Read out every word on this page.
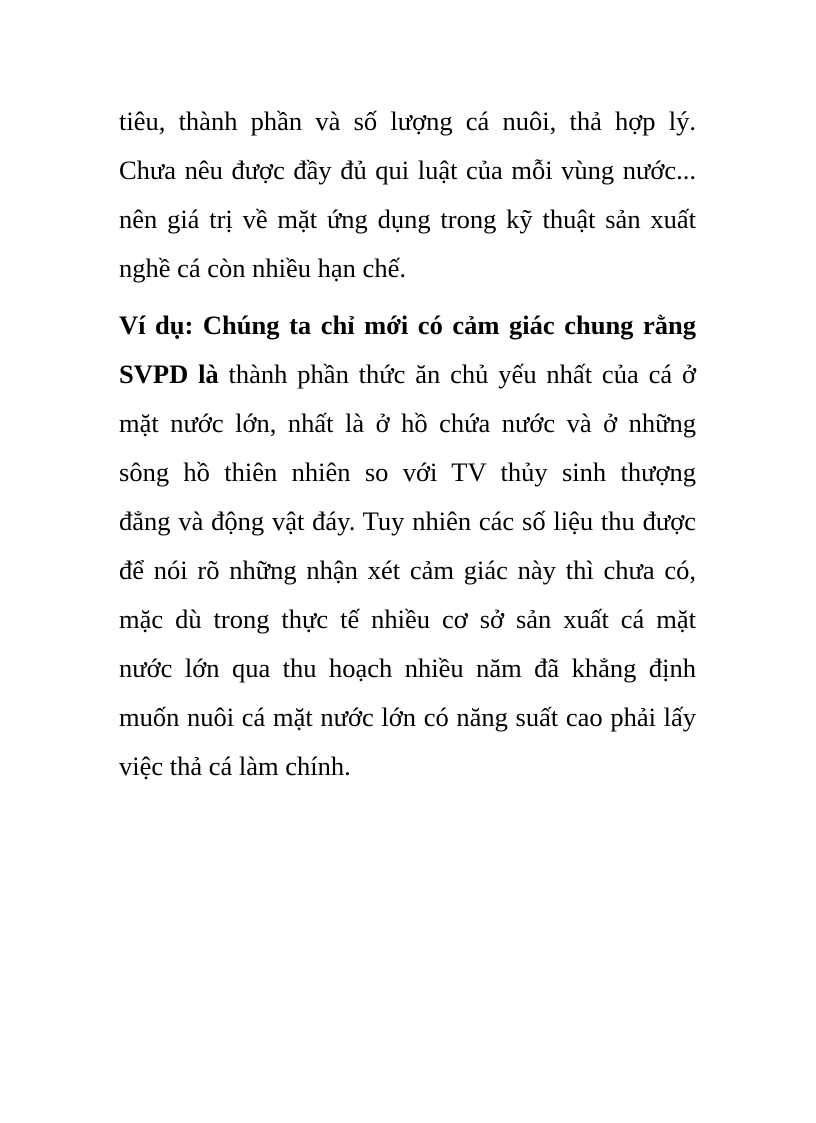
tiêu, thành phần và số lượng cá nuôi, thả hợp lý.
Chưa nêu được đầy đủ qui luật của mỗi vùng nước...
nên giá trị về mặt ứng dụng trong kỹ thuật sản xuất
nghề cá còn nhiều hạn chế.
Ví dụ: Chúng ta chỉ mới có cảm giác chung rằng
SVPD là thành phần thức ăn chủ yếu nhất của cá ở
mặt nước lớn, nhất là ở hồ chứa nước và ở những
sông hồ thiên nhiên so với TV thủy sinh thượng
đẳng và động vật đáy. Tuy nhiên các số liệu thu được
để nói rõ những nhận xét cảm giác này thì chưa có,
mặc dù trong thực tế nhiều cơ sở sản xuất cá mặt
nước lớn qua thu hoạch nhiều năm đã khẳng định
muốn nuôi cá mặt nước lớn có năng suất cao phải lấy
việc thả cá làm chính.
